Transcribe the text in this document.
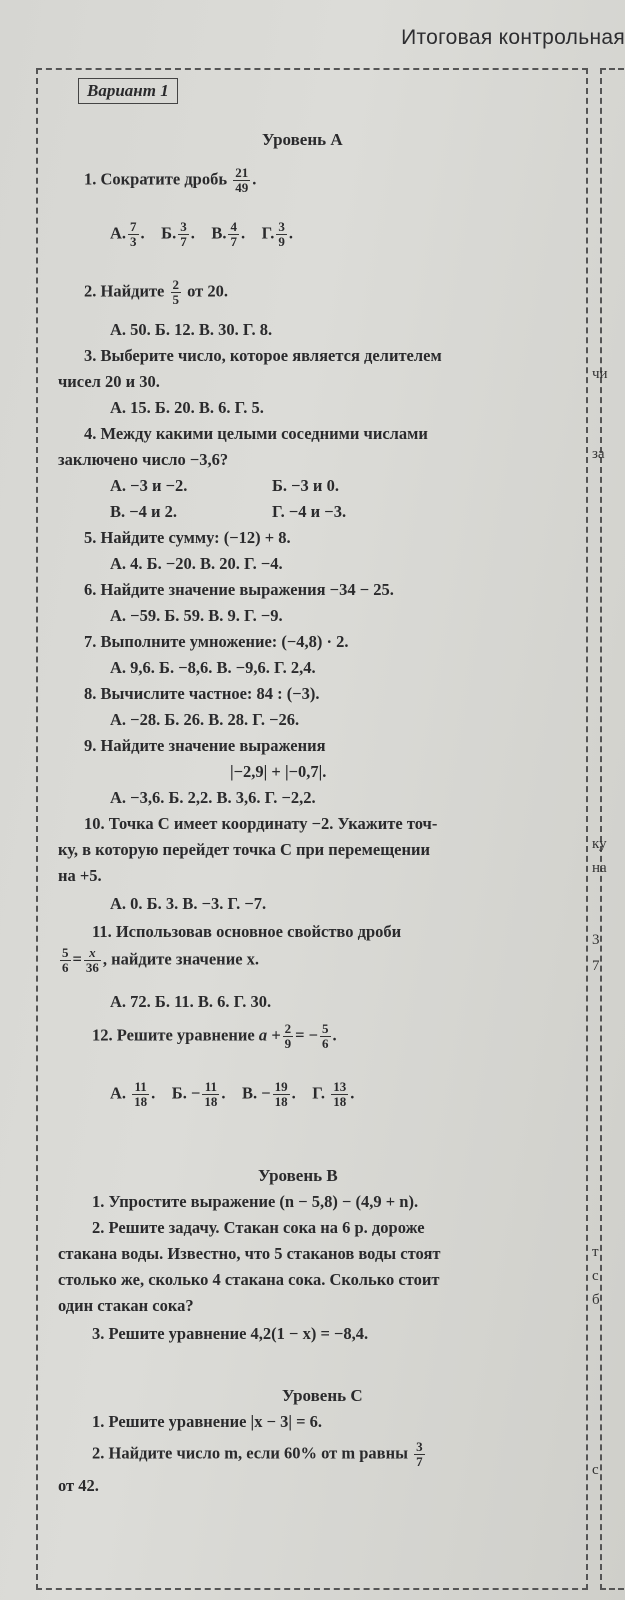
Итоговая контрольная
Вариант 1
Уровень А
1. Сократите дробь $\frac{21}{49}$ .
А. $\frac{7}{3}$ .    Б. $\frac{3}{7}$ .    В. $\frac{4}{7}$ .    Г. $\frac{3}{9}$ .
2. Найдите $\frac{2}{5}$ от 20.
А. 50. Б. 12. В. 30. Г. 8.
3. Выберите число, которое является делителем
чисел 20 и 30.
А. 15. Б. 20. В. 6. Г. 5.
4. Между какими целыми соседними числами
заключено число −3,6?
А. −3 и −2.	Б. −3 и 0.
В. −4 и 2.	Г. −4 и −3.
5. Найдите сумму: (−12) + 8.
А. 4. Б. −20. В. 20. Г. −4.
6. Найдите значение выражения −34 − 25.
А. −59. Б. 59. В. 9. Г. −9.
7. Выполните умножение: (−4,8) · 2.
А. 9,6. Б. −8,6. В. −9,6. Г. 2,4.
8. Вычислите частное: 84 : (−3).
А. −28. Б. 26. В. 28. Г. −26.
9. Найдите значение выражения
|−2,9| + |−0,7|.
А. −3,6. Б. 2,2. В. 3,6. Г. −2,2.
10. Точка С имеет координату −2. Укажите точ-
ку, в которую перейдет точка С при перемещении
на +5.
А. 0. Б. 3. В. −3. Г. −7.
11. Использовав основное свойство дроби
$\frac{5}{6} = \frac{x}{36}$ , найдите значение x.
А. 72. Б. 11. В. 6. Г. 30.
12. Решите уравнение $a + \frac{2}{9}$ = − $\frac{5}{6}$ .
А. $\frac{11}{18}$ .    Б. − $\frac{11}{18}$ .    В. − $\frac{19}{18}$ .    Г. $\frac{13}{18}$ .
Уровень В
1. Упростите выражение (n − 5,8) − (4,9 + n).
2. Решите задачу. Стакан сока на 6 р. дороже
стакана воды. Известно, что 5 стаканов воды стоят
столько же, сколько 4 стакана сока. Сколько стоит
один стакан сока?
3. Решите уравнение 4,2(1 − x) = −8,4.
Уровень С
1. Решите уравнение |x − 3| = 6.
2. Найдите число m, если 60% от m равны $\frac{3}{7}$
от 42.
чи
за
ку
на
3
7
т
с
б
с
